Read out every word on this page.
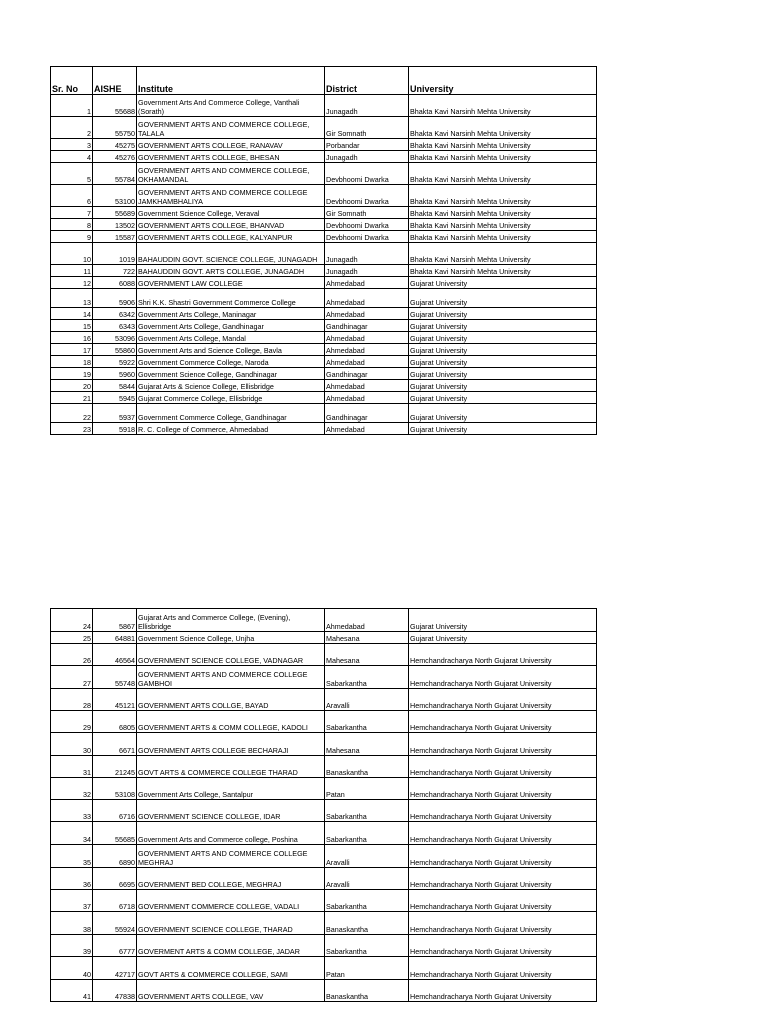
Sr. No	AISHE	Institute	District	University
1	55688	Government Arts And Commerce College, Vanthali (Sorath)	Junagadh	Bhakta Kavi Narsinh Mehta University
2	55750	GOVERNMENT ARTS AND COMMERCE COLLEGE, TALALA	Gir Somnath	Bhakta Kavi Narsinh Mehta University
3	45275	GOVERNMENT ARTS COLLEGE, RANAVAV	Porbandar	Bhakta Kavi Narsinh Mehta University
4	45276	GOVERNMENT ARTS COLLEGE, BHESAN	Junagadh	Bhakta Kavi Narsinh Mehta University
5	55784	GOVERNMENT ARTS AND COMMERCE COLLEGE, OKHAMANDAL	Devbhoomi Dwarka	Bhakta Kavi Narsinh Mehta University
6	53100	GOVERNMENT ARTS AND COMMERCE COLLEGE JAMKHAMBHALIYA	Devbhoomi Dwarka	Bhakta Kavi Narsinh Mehta University
7	55689	Government Science College, Veraval	Gir Somnath	Bhakta Kavi Narsinh Mehta University
8	13502	GOVERNMENT ARTS COLLEGE, BHANVAD	Devbhoomi Dwarka	Bhakta Kavi Narsinh Mehta University
9	15587	GOVERNMENT ARTS COLLEGE, KALYANPUR	Devbhoomi Dwarka	Bhakta Kavi Narsinh Mehta University
10	1019	BAHAUDDIN GOVT. SCIENCE COLLEGE, JUNAGADH	Junagadh	Bhakta Kavi Narsinh Mehta University
11	722	BAHAUDDIN GOVT. ARTS COLLEGE, JUNAGADH	Junagadh	Bhakta Kavi Narsinh Mehta University
12	6088	GOVERNMENT LAW COLLEGE	Ahmedabad	Gujarat University
13	5906	Shri K.K. Shastri Government Commerce College	Ahmedabad	Gujarat University
14	6342	Government Arts College, Maninagar	Ahmedabad	Gujarat University
15	6343	Government Arts College, Gandhinagar	Gandhinagar	Gujarat University
16	53096	Government Arts College, Mandal	Ahmedabad	Gujarat University
17	55860	Government Arts and Science College, Bavla	Ahmedabad	Gujarat University
18	5922	Government Commerce College, Naroda	Ahmedabad	Gujarat University
19	5960	Government Science College, Gandhinagar	Gandhinagar	Gujarat University
20	5844	Gujarat Arts & Science College, Ellisbridge	Ahmedabad	Gujarat University
21	5945	Gujarat Commerce College, Ellisbridge	Ahmedabad	Gujarat University
22	5937	Government Commerce College, Gandhinagar	Gandhinagar	Gujarat University
23	5918	R. C. College of Commerce, Ahmedabad	Ahmedabad	Gujarat University
24	5867	Gujarat Arts and Commerce College, (Evening), Ellisbridge	Ahmedabad	Gujarat University
25	64881	Government Science College, Unjha	Mahesana	Gujarat University
26	46564	GOVERNMENT SCIENCE COLLEGE, VADNAGAR	Mahesana	Hemchandracharya North Gujarat University
27	55748	GOVERNMENT ARTS AND COMMERCE COLLEGE GAMBHOI	Sabarkantha	Hemchandracharya North Gujarat University
28	45121	GOVERNMENT ARTS COLLGE, BAYAD	Aravalli	Hemchandracharya North Gujarat University
29	6805	GOVERNMENT ARTS & COMM COLLEGE, KADOLI	Sabarkantha	Hemchandracharya North Gujarat University
30	6671	GOVERNMENT ARTS COLLEGE BECHARAJI	Mahesana	Hemchandracharya North Gujarat University
31	21245	GOVT ARTS & COMMERCE COLLEGE THARAD	Banaskantha	Hemchandracharya North Gujarat University
32	53108	Government Arts College, Santalpur	Patan	Hemchandracharya North Gujarat University
33	6716	GOVERNMENT SCIENCE COLLEGE, IDAR	Sabarkantha	Hemchandracharya North Gujarat University
34	55685	Government Arts and Commerce college, Poshina	Sabarkantha	Hemchandracharya North Gujarat University
35	6890	GOVERNMENT ARTS AND COMMERCE COLLEGE MEGHRAJ	Aravalli	Hemchandracharya North Gujarat University
36	6695	GOVERNMENT BED COLLEGE, MEGHRAJ	Aravalli	Hemchandracharya North Gujarat University
37	6718	GOVERNMENT COMMERCE COLLEGE, VADALI	Sabarkantha	Hemchandracharya North Gujarat University
38	55924	GOVERNMENT SCIENCE COLLEGE, THARAD	Banaskantha	Hemchandracharya North Gujarat University
39	6777	GOVERMENT ARTS & COMM COLLEGE, JADAR	Sabarkantha	Hemchandracharya North Gujarat University
40	42717	GOVT ARTS & COMMERCE COLLEGE, SAMI	Patan	Hemchandracharya North Gujarat University
41	47838	GOVERNMENT ARTS COLLEGE, VAV	Banaskantha	Hemchandracharya North Gujarat University
